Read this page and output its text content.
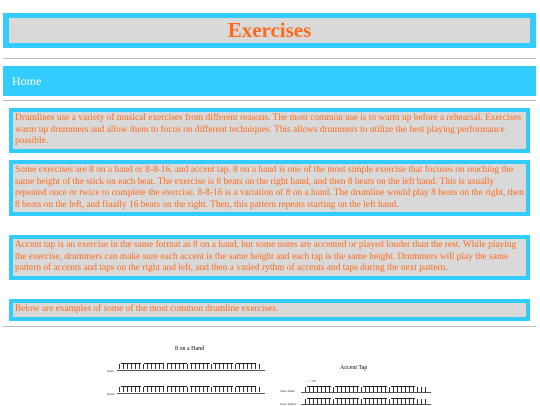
Exercises
Home

Drumlines use a variety of musical exercises from different reasons. The most common use is to warm up before a rehearsal. Exercises warm up drummers and allow them to focus on different techniques. This allows drummers to utilize the best playing performance possible.

Some exercises are 8 on a hand or 8-8-16, and accent tap. 8 on a hand is one of the most simple exercise that focuses on reaching the same height of the stick on each beat. The exercise is 8 beats on the right hand, and then 8 beats on the left hand. This is usually repeated once or twice to complete the exercise. 8-8-16 is a variation of 8 on a hand. The drumline would play 8 beats on the right, then 8 beats on the left, and finally 16 beats on the right. Then, this pattern repeats starting on the left hand.

Accent tap is an exercise in the same format as 8 on a hand, but some notes are accented or played louder than the rest. While playing the exercise, drummers can make sure each accent is the same height and each tap is the same height. Drummers will play the same pattern of accents and taps on the right and left, and then a varied rythm of accents and taps during the next pattern.

Below are examples of some of the most common drumline exercises.

8 on a Hand
Snare
Quads
Accent Tap
♩ = 120
Snare Drum
Tenor Drums
